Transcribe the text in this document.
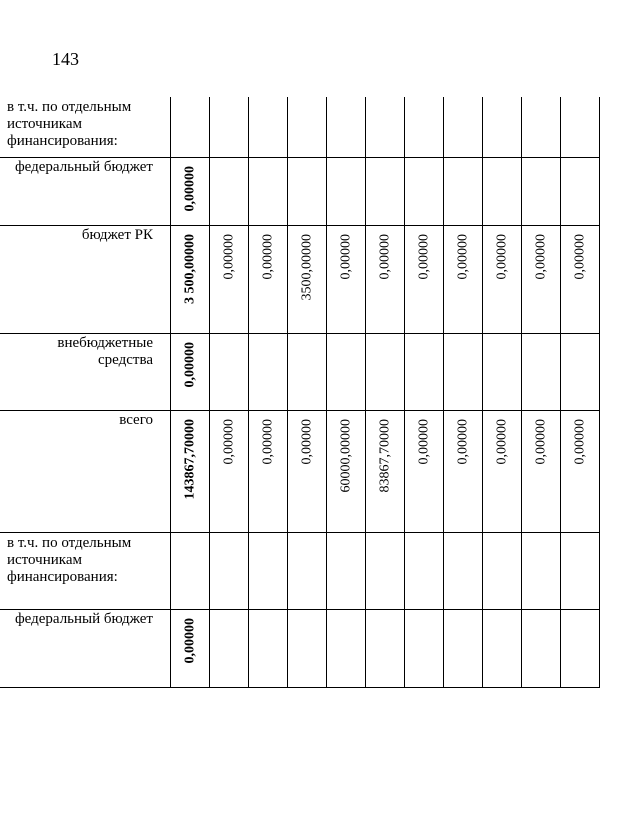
143
в т.ч. по отдельным источникам финансирования:											

федеральный бюджет	0,00000										

бюджет РК	3 500,00000	0,00000	0,00000	3500,00000	0,00000	0,00000	0,00000	0,00000	0,00000	0,00000	0,00000

внебюджетные средства	0,00000										

всего	143867,70000	0,00000	0,00000	0,00000	60000,00000	83867,70000	0,00000	0,00000	0,00000	0,00000	0,00000

в т.ч. по отдельным источникам финансирования:											

федеральный бюджет	0,00000										
